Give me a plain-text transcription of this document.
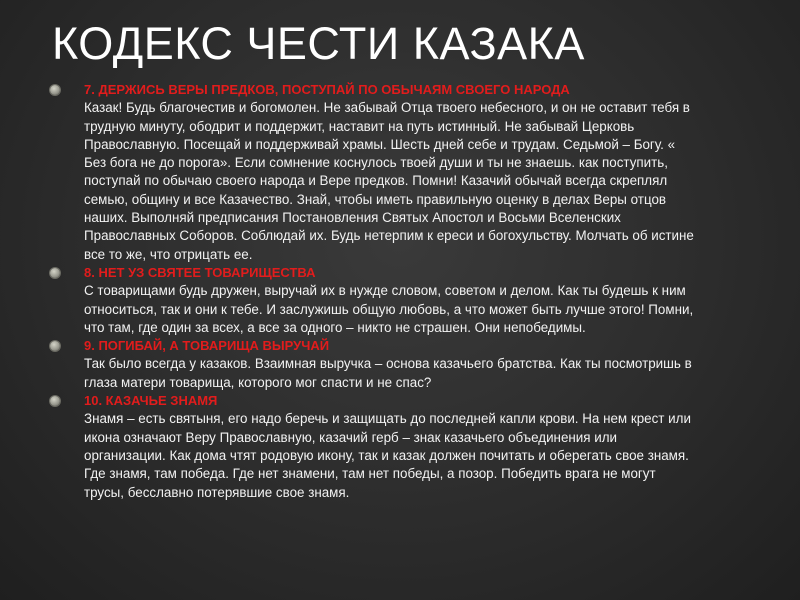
КОДЕКС ЧЕСТИ КАЗАКА
7. ДЕРЖИСЬ ВЕРЫ ПРЕДКОВ, ПОСТУПАЙ ПО ОБЫЧАЯМ СВОЕГО НАРОДА
Казак! Будь благочестив и богомолен. Не забывай Отца твоего небесного, и он не оставит тебя в трудную минуту, ободрит и поддержит, наставит на путь истинный. Не забывай Церковь Православную. Посещай и поддерживай храмы. Шесть дней себе и трудам. Седьмой – Богу. « Без бога не до порога». Если сомнение коснулось твоей души и ты не знаешь. как поступить, поступай по обычаю своего народа и Вере предков. Помни! Казачий обычай всегда скреплял семью, общину и все Казачество. Знай, чтобы иметь правильную оценку в делах Веры отцов наших. Выполняй предписания Постановления Святых Апостол и Восьми Вселенских Православных Соборов. Соблюдай их. Будь нетерпим к ереси и богохульству. Молчать об истине все то же, что отрицать ее.
8. НЕТ УЗ СВЯТЕЕ ТОВАРИЩЕСТВА
С товарищами будь дружен, выручай их в нужде словом, советом и делом. Как ты будешь к ним относиться, так и они к тебе. И заслужишь общую любовь, а что может быть лучше этого! Помни, что там, где один за всех, а все за одного – никто не страшен. Они непобедимы.
9. ПОГИБАЙ, А ТОВАРИЩА ВЫРУЧАЙ
Так было всегда у казаков. Взаимная выручка – основа казачьего братства. Как ты посмотришь в глаза матери товарища, которого мог спасти и не спас?
10. КАЗАЧЬЕ ЗНАМЯ
Знамя – есть святыня, его надо беречь и защищать до последней капли крови. На нем крест или икона означают Веру Православную, казачий герб – знак казачьего объединения или организации. Как дома чтят родовую икону, так и казак должен почитать и оберегать свое знамя. Где знамя, там победа. Где нет знамени, там нет победы, а позор. Победить врага не могут трусы, бесславно потерявшие свое знамя.
